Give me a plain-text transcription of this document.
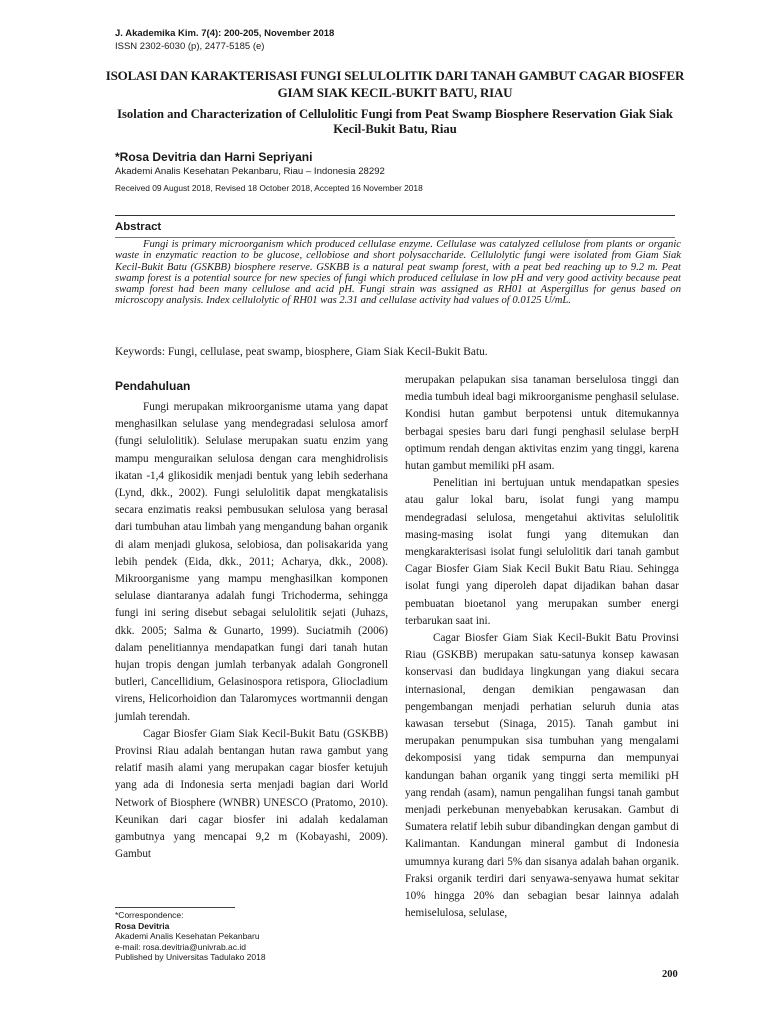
J. Akademika Kim. 7(4): 200-205, November 2018
ISSN 2302-6030 (p), 2477-5185 (e)
ISOLASI DAN KARAKTERISASI FUNGI SELULOLITIK DARI TANAH GAMBUT CAGAR BIOSFER GIAM SIAK KECIL-BUKIT BATU, RIAU
Isolation and Characterization of Cellulolitic Fungi from Peat Swamp Biosphere Reservation Giak Siak Kecil-Bukit Batu, Riau
*Rosa Devitria dan Harni Sepriyani
Akademi Analis Kesehatan Pekanbaru, Riau – Indonesia 28292
Received 09 August 2018, Revised 18 October 2018, Accepted 16 November 2018
Abstract
Fungi is primary microorganism which produced cellulase enzyme. Cellulase was catalyzed cellulose from plants or organic waste in enzymatic reaction to be glucose, cellobiose and short polysaccharide. Cellulolytic fungi were isolated from Giam Siak Kecil-Bukit Batu (GSKBB) biosphere reserve. GSKBB is a natural peat swamp forest, with a peat bed reaching up to 9.2 m. Peat swamp forest is a potential source for new species of fungi which produced cellulase in low pH and very good activity because peat swamp forest had been many cellulose and acid pH. Fungi strain was assigned as RH01 at Aspergillus for genus based on microscopy analysis. Index cellulolytic of RH01 was 2.31 and cellulase activity had values of 0.0125 U/mL.
Keywords: Fungi, cellulase, peat swamp, biosphere, Giam Siak Kecil-Bukit Batu.
Pendahuluan

Fungi merupakan mikroorganisme utama yang dapat menghasilkan selulase yang mendegradasi selulosa amorf (fungi selulolitik). Selulase merupakan suatu enzim yang mampu menguraikan selulosa dengan cara menghidrolisis ikatan -1,4 glikosidik menjadi bentuk yang lebih sederhana (Lynd, dkk., 2002). Fungi selulolitik dapat mengkatalisis secara enzimatis reaksi pembusukan selulosa yang berasal dari tumbuhan atau limbah yang mengandung bahan organik di alam menjadi glukosa, selobiosa, dan polisakarida yang lebih pendek (Eida, dkk., 2011; Acharya, dkk., 2008). Mikroorganisme yang mampu menghasilkan komponen selulase diantaranya adalah fungi Trichoderma, sehingga fungi ini sering disebut sebagai selulolitik sejati (Juhazs, dkk. 2005; Salma & Gunarto, 1999). Suciatmih (2006) dalam penelitiannya mendapatkan fungi dari tanah hutan hujan tropis dengan jumlah terbanyak adalah Gongronell butleri, Cancellidium, Gelasinospora retispora, Gliocladium virens, Helicorhoidion dan Talaromyces wortmannii dengan jumlah terendah.

Cagar Biosfer Giam Siak Kecil-Bukit Batu (GSKBB) Provinsi Riau adalah bentangan hutan rawa gambut yang relatif masih alami yang merupakan cagar biosfer ketujuh yang ada di Indonesia serta menjadi bagian dari World Network of Biosphere (WNBR) UNESCO (Pratomo, 2010). Keunikan dari cagar biosfer ini adalah kedalaman gambutnya yang mencapai 9,2 m (Kobayashi, 2009). Gambut

merupakan pelapukan sisa tanaman berselulosa tinggi dan media tumbuh ideal bagi mikroorganisme penghasil selulase. Kondisi hutan gambut berpotensi untuk ditemukannya berbagai spesies baru dari fungi penghasil selulase berpH optimum rendah dengan aktivitas enzim yang tinggi, karena hutan gambut memiliki pH asam.

Penelitian ini bertujuan untuk mendapatkan spesies atau galur lokal baru, isolat fungi yang mampu mendegradasi selulosa, mengetahui aktivitas selulolitik masing-masing isolat fungi yang ditemukan dan mengkarakterisasi isolat fungi selulolitik dari tanah gambut Cagar Biosfer Giam Siak Kecil Bukit Batu Riau. Sehingga isolat fungi yang diperoleh dapat dijadikan bahan dasar pembuatan bioetanol yang merupakan sumber energi terbarukan saat ini.

Cagar Biosfer Giam Siak Kecil-Bukit Batu Provinsi Riau (GSKBB) merupakan satu-satunya konsep kawasan konservasi dan budidaya lingkungan yang diakui secara internasional, dengan demikian pengawasan dan pengembangan menjadi perhatian seluruh dunia atas kawasan tersebut (Sinaga, 2015). Tanah gambut ini merupakan penumpukan sisa tumbuhan yang mengalami dekomposisi yang tidak sempurna dan mempunyai kandungan bahan organik yang tinggi serta memiliki pH yang rendah (asam), namun pengalihan fungsi tanah gambut menjadi perkebunan menyebabkan kerusakan. Gambut di Sumatera relatif lebih subur dibandingkan dengan gambut di Kalimantan. Kandungan mineral gambut di Indonesia umumnya kurang dari 5% dan sisanya adalah bahan organik. Fraksi organik terdiri dari senyawa-senyawa humat sekitar 10% hingga 20% dan sebagian besar lainnya adalah hemiselulosa, selulase,

*Correspondence:
Rosa Devitria
Akademi Analis Kesehatan Pekanbaru
e-mail: rosa.devitria@univrab.ac.id
Published by Universitas Tadulako 2018
200
